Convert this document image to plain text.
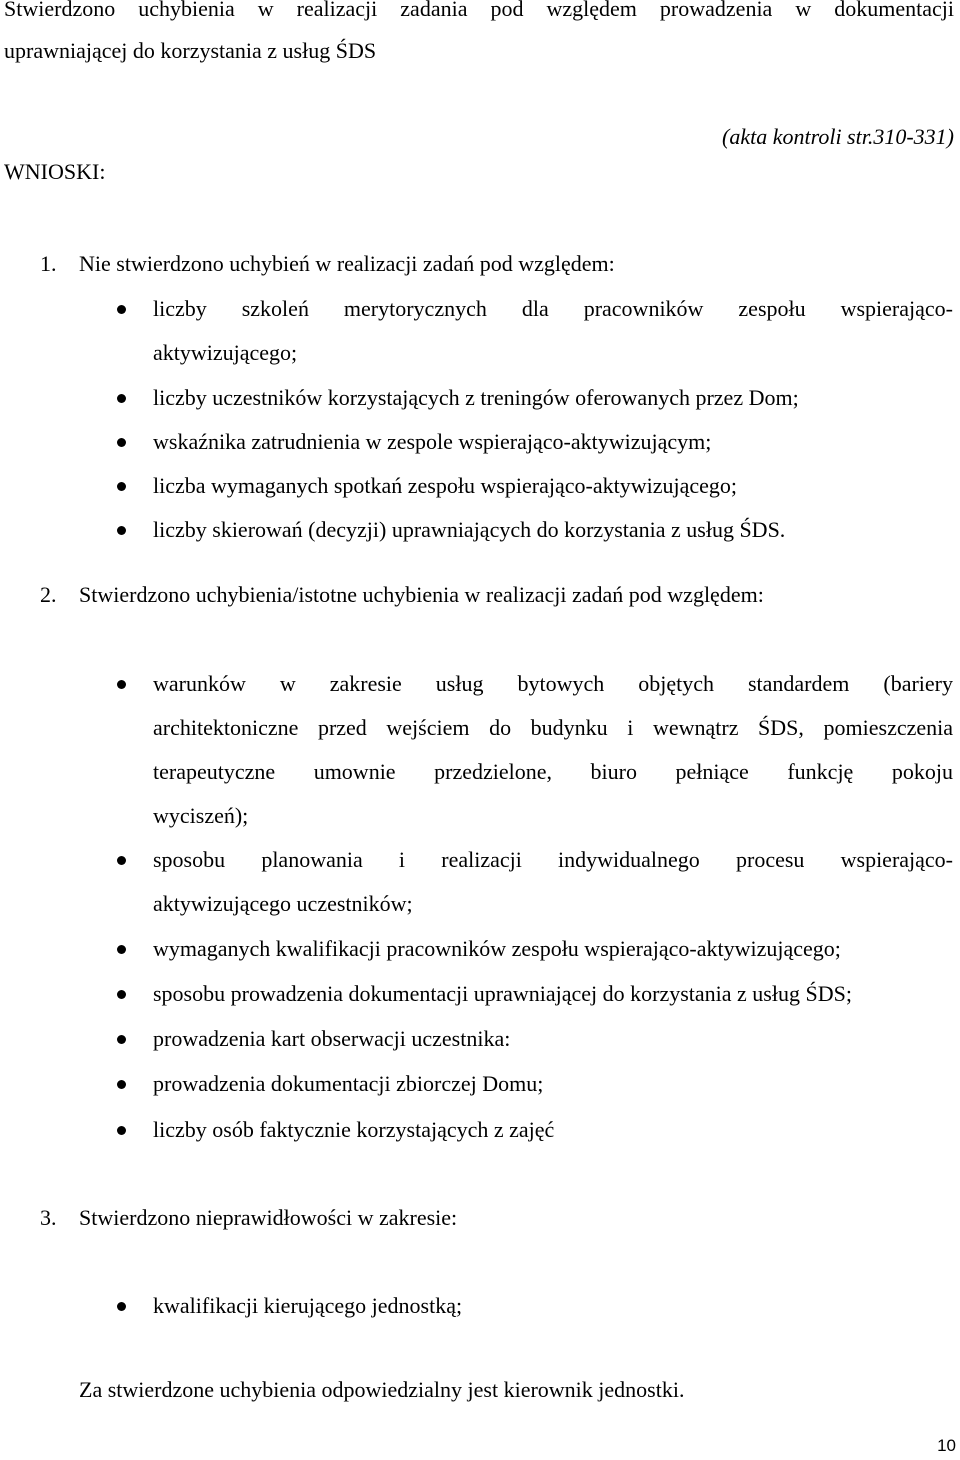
Stwierdzono uchybienia w realizacji zadania pod względem prowadzenia w dokumentacji

uprawniającej do korzystania z usług ŚDS

(akta kontroli str.310-331)

WNIOSKI:

1. Nie stwierdzono uchybień w realizacji zadań pod względem:

liczby szkoleń merytorycznych dla pracowników zespołu wspierająco-

aktywizującego;

liczby uczestników korzystających z treningów oferowanych przez Dom;

wskaźnika zatrudnienia w zespole wspierająco-aktywizującym;

liczba wymaganych spotkań zespołu wspierająco-aktywizującego;

liczby skierowań (decyzji) uprawniających do korzystania z usług ŚDS.

2. Stwierdzono uchybienia/istotne uchybienia w realizacji zadań pod względem:

warunków w zakresie usług bytowych objętych standardem (bariery

architektoniczne przed wejściem do budynku i wewnątrz ŚDS, pomieszczenia

terapeutyczne umownie przedzielone, biuro pełniące funkcję pokoju

wyciszeń);

sposobu planowania i realizacji indywidualnego procesu wspierająco-

aktywizującego uczestników;

wymaganych kwalifikacji pracowników zespołu wspierająco-aktywizującego;

sposobu prowadzenia dokumentacji uprawniającej do korzystania z usług ŚDS;

prowadzenia kart obserwacji uczestnika:

prowadzenia dokumentacji zbiorczej Domu;

liczby osób faktycznie korzystających z zajęć

3. Stwierdzono nieprawidłowości w zakresie:

kwalifikacji kierującego jednostką;

Za stwierdzone uchybienia odpowiedzialny jest kierownik jednostki.

10
